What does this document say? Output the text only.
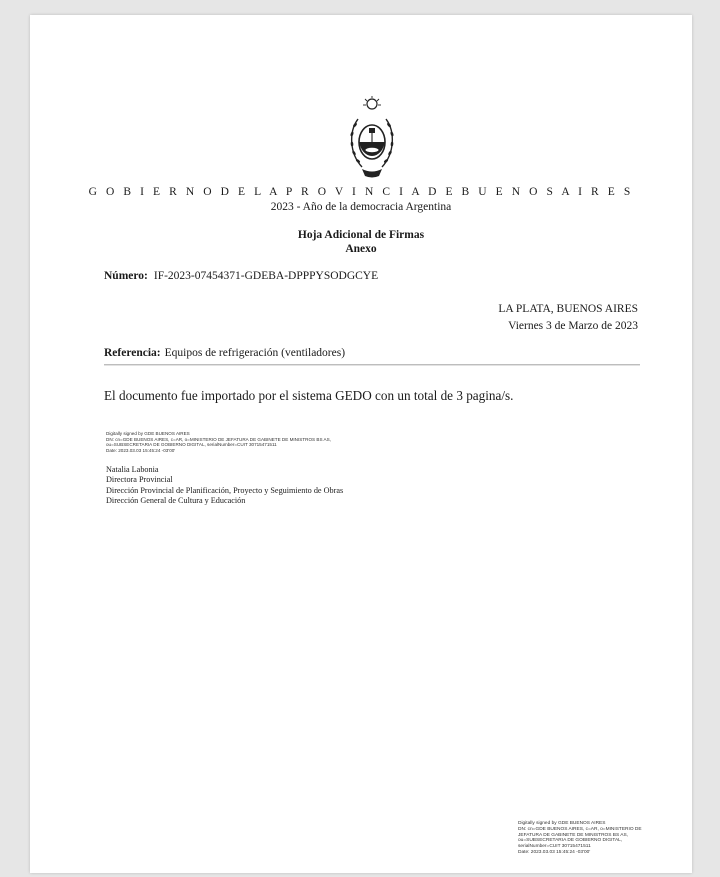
G O B I E R N O D E L A P R O V I N C I A D E B U E N O S A I R E S
2023 - Año de la democracia Argentina
Hoja Adicional de Firmas
Anexo
Número: IF-2023-07454371-GDEBA-DPPPYSODGCYE
LA PLATA, BUENOS AIRES
Viernes 3 de Marzo de 2023
Referencia: Equipos de refrigeración (ventiladores)
El documento fue importado por el sistema GEDO con un total de 3 pagina/s.
Digitally signed by GDE BUENOS AIRES
DN: cn=GDE BUENOS AIRES, c=AR, o=MINISTERIO DE JEFATURA DE GABINETE DE MINISTROS BS AS,
ou=SUBSECRETARIA DE GOBIERNO DIGITAL, serialNumber=CUIT 30715471511
Date: 2023.03.03 15:45:24 -03'00'
Natalia Labonia
Directora Provincial
Dirección Provincial de Planificación, Proyecto y Seguimiento de Obras
Dirección General de Cultura y Educación
Digitally signed by GDE BUENOS AIRES
DN: cn=GDE BUENOS AIRES, c=AR, o=MINISTERIO DE
JEFATURA DE GABINETE DE MINISTROS BS AS,
ou=SUBSECRETARIA DE GOBIERNO DIGITAL,
serialNumber=CUIT 30715471511
Date: 2023.03.03 15:45:24 -03'00'
